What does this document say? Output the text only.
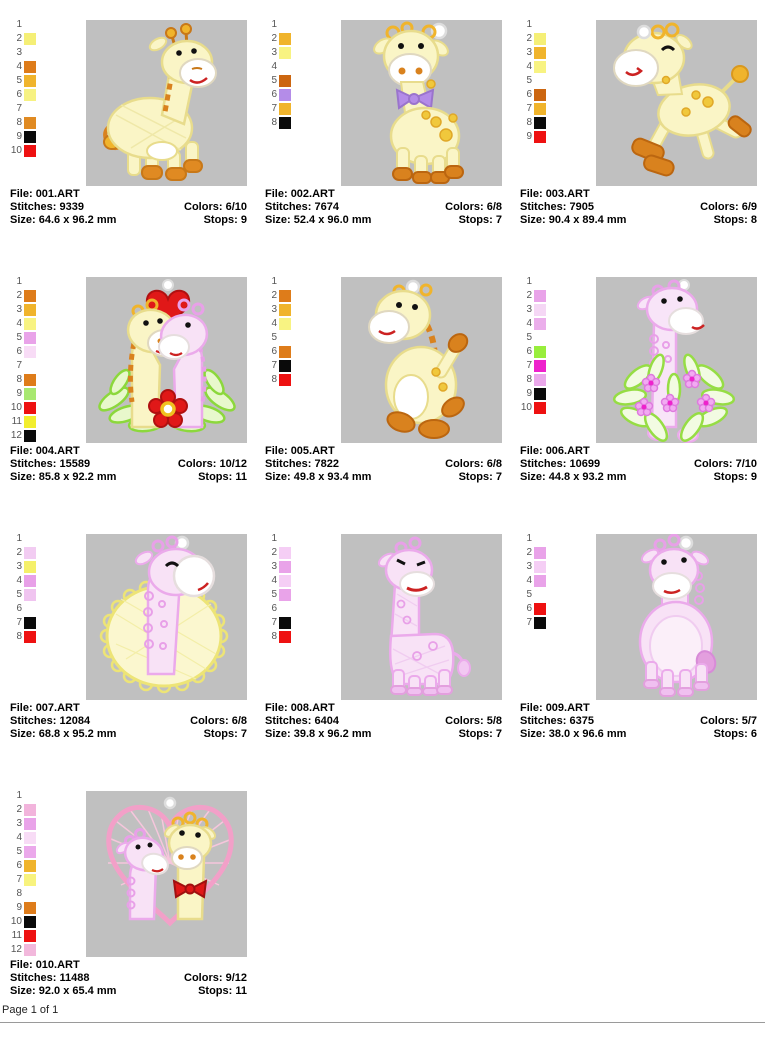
1
2
3
4
5
6
7
8
9
10
File: 001.ART
Stitches: 9339	Colors: 6/10
Size: 64.6 x 96.2 mm	Stops: 9
1
2
3
4
5
6
7
8
File: 002.ART
Stitches: 7674	Colors: 6/8
Size: 52.4 x 96.0 mm	Stops: 7
1
2
3
4
5
6
7
8
9
File: 003.ART
Stitches: 7905	Colors: 6/9
Size: 90.4 x 89.4 mm	Stops: 8
1
2
3
4
5
6
7
8
9
10
11
12
File: 004.ART
Stitches: 15589	Colors: 10/12
Size: 85.8 x 92.2 mm	Stops: 11
1
2
3
4
5
6
7
8
File: 005.ART
Stitches: 7822	Colors: 6/8
Size: 49.8 x 93.4 mm	Stops: 7
1
2
3
4
5
6
7
8
9
10
File: 006.ART
Stitches: 10699	Colors: 7/10
Size: 44.8 x 93.2 mm	Stops: 9
1
2
3
4
5
6
7
8
File: 007.ART
Stitches: 12084	Colors: 6/8
Size: 68.8 x 95.2 mm	Stops: 7
1
2
3
4
5
6
7
8
File: 008.ART
Stitches: 6404	Colors: 5/8
Size: 39.8 x 96.2 mm	Stops: 7
1
2
3
4
5
6
7
File: 009.ART
Stitches: 6375	Colors: 5/7
Size: 38.0 x 96.6 mm	Stops: 6
1
2
3
4
5
6
7
8
9
10
11
12
File: 010.ART
Stitches: 11488	Colors: 9/12
Size: 92.0 x 65.4 mm	Stops: 11
Page 1 of 1
